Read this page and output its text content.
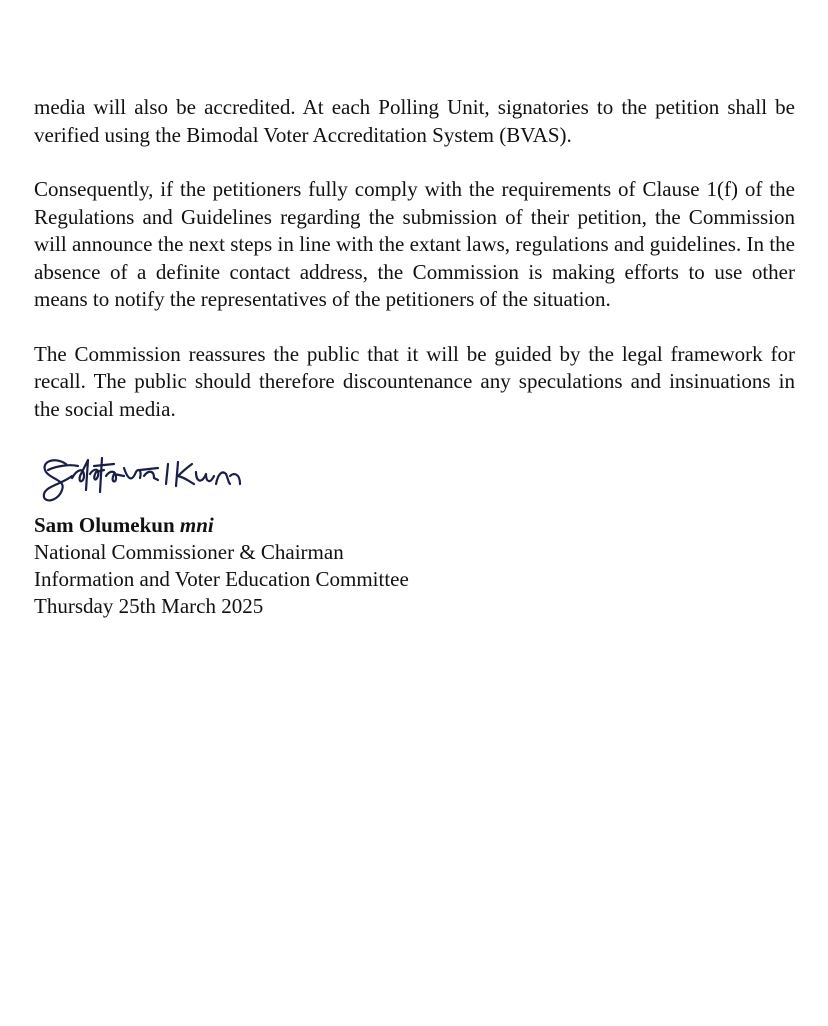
media will also be accredited. At each Polling Unit, signatories to the petition shall be verified using the Bimodal Voter Accreditation System (BVAS).

Consequently, if the petitioners fully comply with the requirements of Clause 1(f) of the Regulations and Guidelines regarding the submission of their petition, the Commission will announce the next steps in line with the extant laws, regulations and guidelines. In the absence of a definite contact address, the Commission is making efforts to use other means to notify the representatives of the petitioners of the situation.

The Commission reassures the public that it will be guided by the legal framework for recall. The public should therefore discountenance any speculations and insinuations in the social media.

Sam Olumekun mni
National Commissioner & Chairman
Information and Voter Education Committee
Thursday 25th March 2025
